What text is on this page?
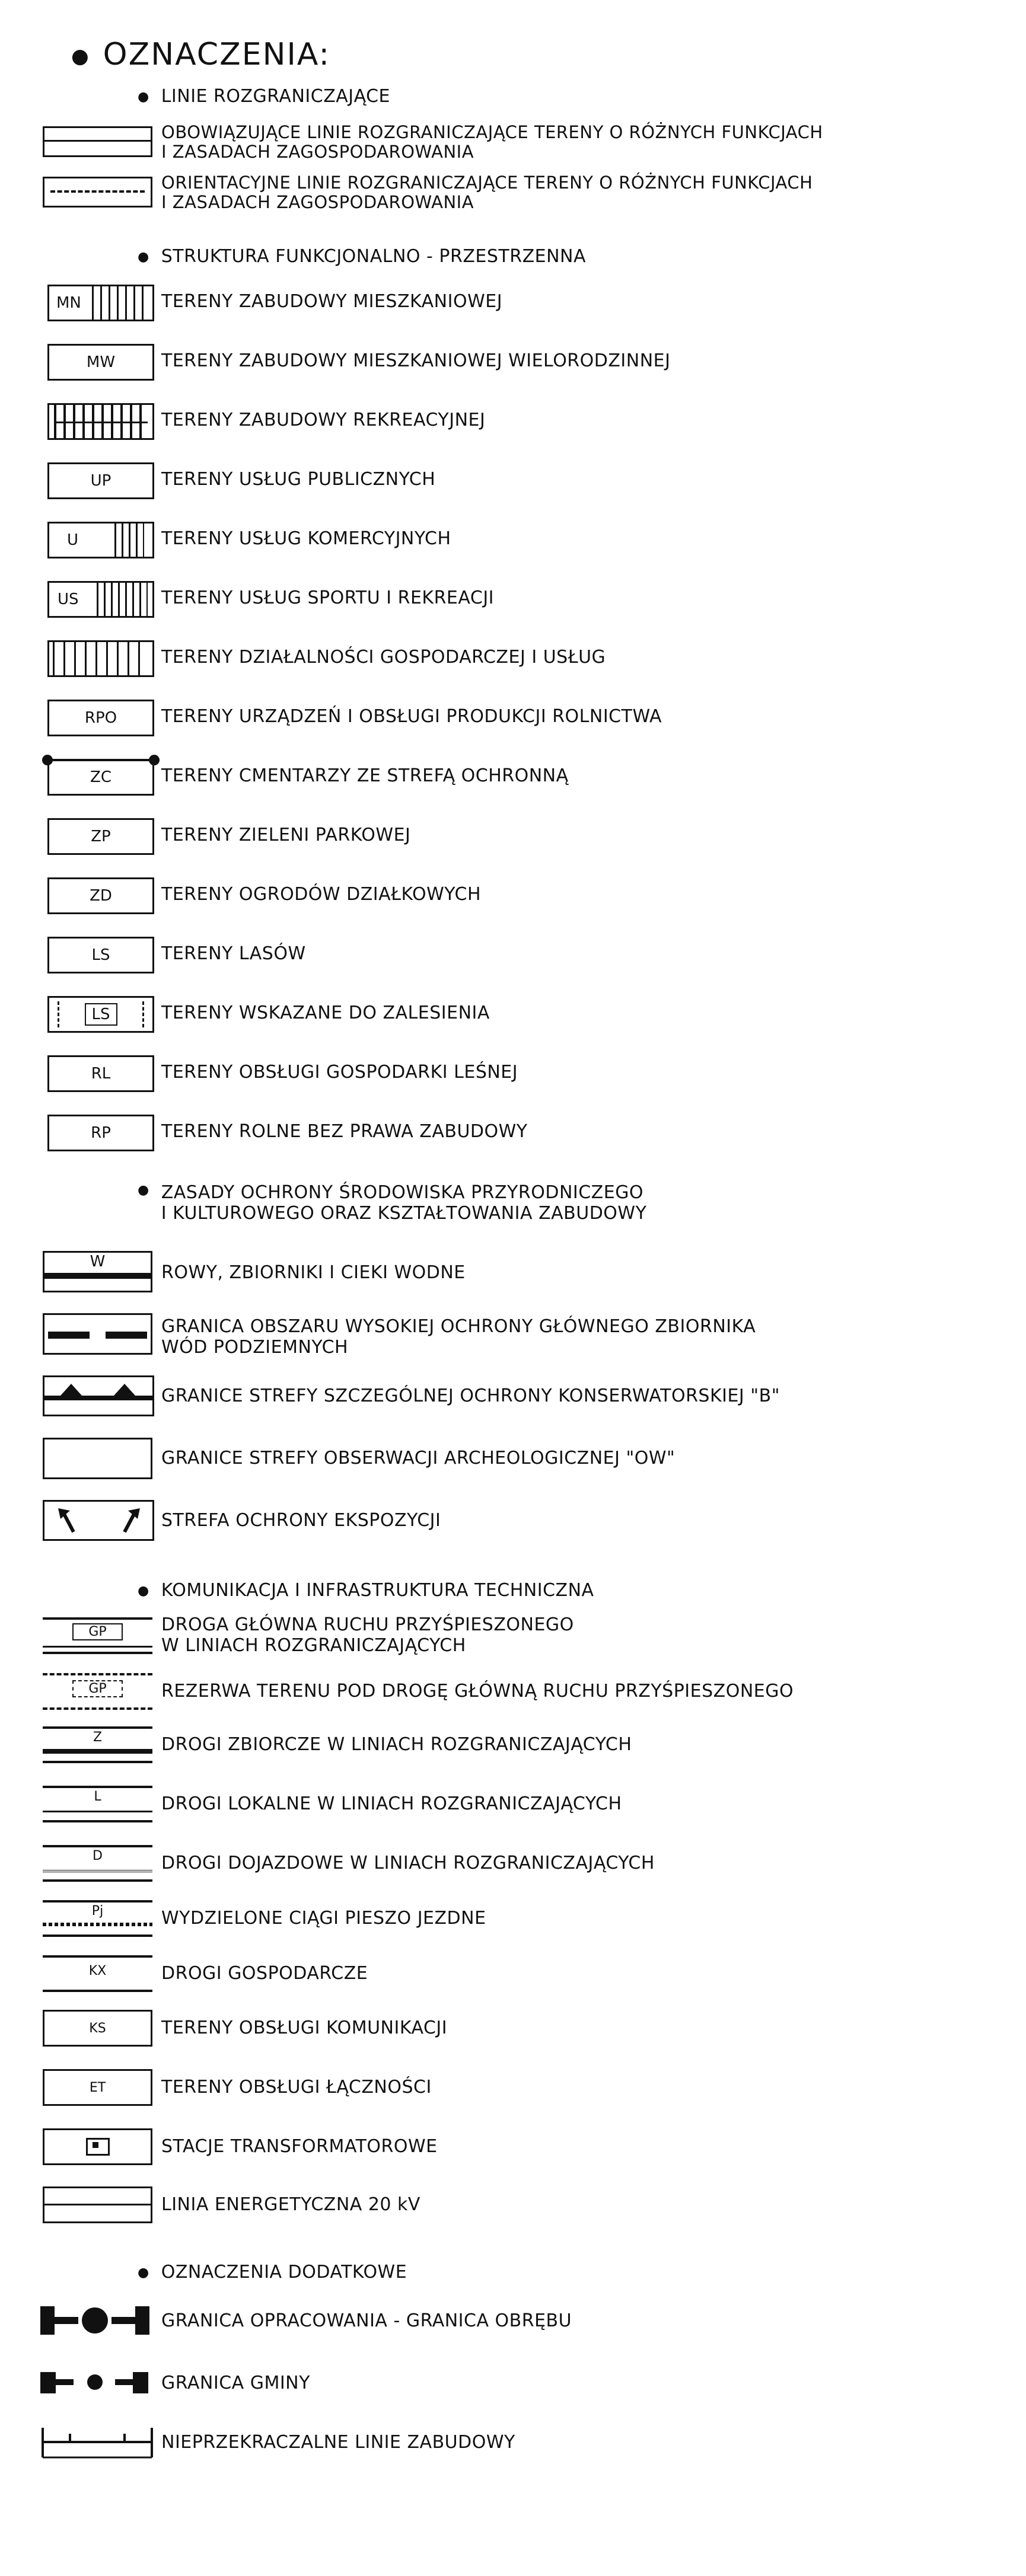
● OZNACZENIA:
● LINIE ROZGRANICZAJĄCE
OBOWIĄZUJĄCE LINIE ROZGRANICZAJĄCE TERENY O RÓŻNYCH FUNKCJACH
I ZASADACH ZAGOSPODAROWANIA
ORIENTACYJNE LINIE ROZGRANICZAJĄCE TERENY O RÓŻNYCH FUNKCJACH
I ZASADACH ZAGOSPODAROWANIA
● STRUKTURA FUNKCJONALNO - PRZESTRZENNA
MN	TERENY ZABUDOWY MIESZKANIOWEJ
MW	TERENY ZABUDOWY MIESZKANIOWEJ WIELORODZINNEJ
TERENY ZABUDOWY REKREACYJNEJ
UP	TERENY USŁUG PUBLICZNYCH
U	TERENY USŁUG KOMERCYJNYCH
US	TERENY USŁUG SPORTU I REKREACJI
TERENY DZIAŁALNOŚCI GOSPODARCZEJ I USŁUG
RPO TERENY URZĄDZEŃ I OBSŁUGI PRODUKCJI ROLNICTWA
ZC	TERENY CMENTARZY ZE STREFĄ OCHRONNĄ
ZP	TERENY ZIELENI PARKOWEJ
ZD	TERENY OGRODÓW DZIAŁKOWYCH
LS	TERENY LASÓW
LS	TERENY WSKAZANE DO ZALESIENIA
RL	TERENY OBSŁUGI GOSPODARKI LEŚNEJ
RP	TERENY ROLNE BEZ PRAWA ZABUDOWY
● ZASADY OCHRONY ŚRODOWISKA PRZYRODNICZEGO
I KULTUROWEGO ORAZ KSZTAŁTOWANIA ZABUDOWY
W
ROWY, ZBIORNIKI I CIEKI WODNE
GRANICA OBSZARU WYSOKIEJ OCHRONY GŁÓWNEGO ZBIORNIKA
WÓD PODZIEMNYCH
GRANICE STREFY SZCZEGÓLNEJ OCHRONY KONSERWATORSKIEJ "B"
GRANICE STREFY OBSERWACJI ARCHEOLOGICZNEJ "OW"
STREFA OCHRONY EKSPOZYCJI
● KOMUNIKACJA I INFRASTRUKTURA TECHNICZNA
GP	DROGA GŁÓWNA RUCHU PRZYŚPIESZONEGO
W LINIACH ROZGRANICZAJĄCYCH
GP	REZERWA TERENU POD DROGĘ GŁÓWNĄ RUCHU PRZYŚPIESZONEGO
Z	DROGI ZBIORCZE W LINIACH ROZGRANICZAJĄCYCH
L	DROGI LOKALNE W LINIACH ROZGRANICZAJĄCYCH
D	DROGI DOJAZDOWE W LINIACH ROZGRANICZAJĄCYCH
Pj	WYDZIELONE CIĄGI PIESZO JEZDNE
KX	DROGI GOSPODARCZE
KS	TERENY OBSŁUGI KOMUNIKACJI
ET	TERENY OBSŁUGI ŁĄCZNOŚCI
STACJE TRANSFORMATOROWE
LINIA ENERGETYCZNA 20 kV
● OZNACZENIA DODATKOWE
GRANICA OPRACOWANIA - GRANICA OBRĘBU
GRANICA GMINY
NIEPRZEKRACZALNE LINIE ZABUDOWY
